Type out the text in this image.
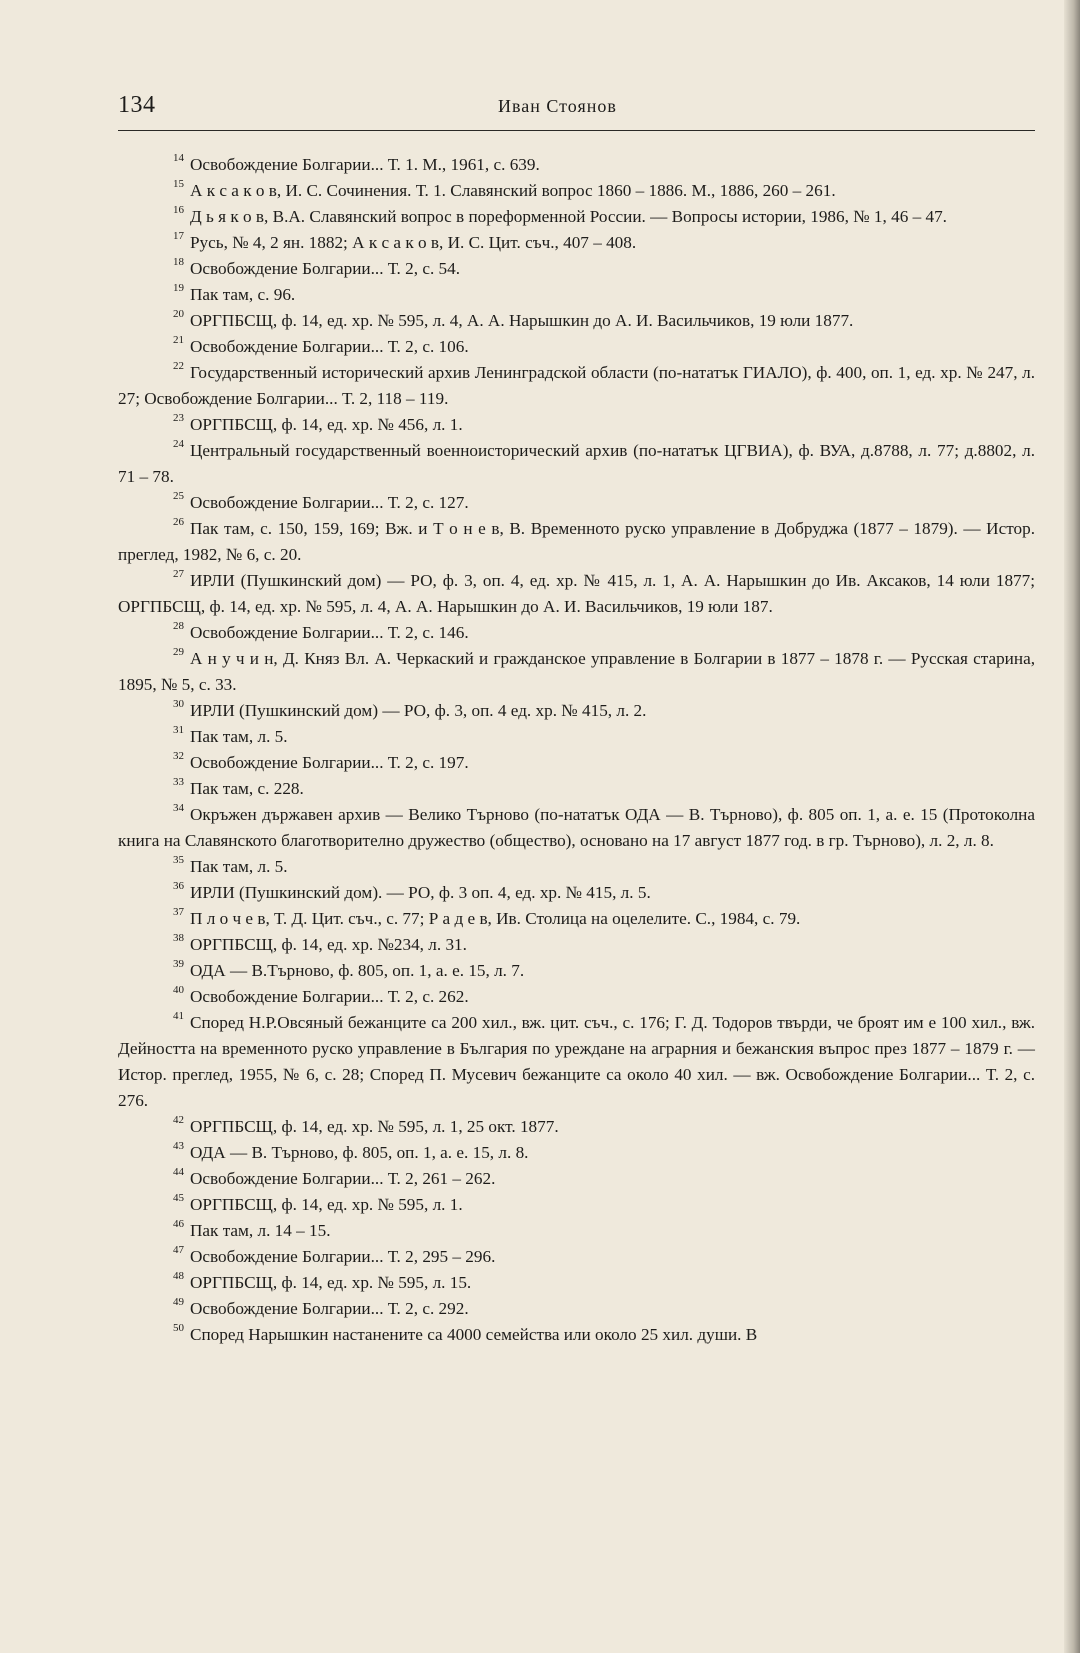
134	Иван Стоянов

$^{14}$ Освобождение Болгарии... Т. 1. М., 1961, с. 639.

$^{15}$ А к с а к о в, И. С. Сочинения. Т. 1. Славянский вопрос 1860 – 1886. М., 1886, 260 – 261.

$^{16}$ Д ь я к о в, В.А. Славянский вопрос в пореформенной России. — Вопросы истории, 1986, № 1, 46 – 47.

$^{17}$ Русь, № 4, 2 ян. 1882; А к с а к о в, И. С. Цит. съч., 407 – 408.

$^{18}$ Освобождение Болгарии... Т. 2, с. 54.

$^{19}$ Пак там, с. 96.

$^{20}$ ОРГПБСЩ, ф. 14, ед. хр. № 595, л. 4, А. А. Нарышкин до А. И. Васильчиков, 19 юли 1877.

$^{21}$ Освобождение Болгарии... Т. 2, с. 106.

$^{22}$ Государственный исторический архив Ленинградской области (по-нататък ГИАЛО), ф. 400, оп. 1, ед. хр. № 247, л. 27; Освобождение Болгарии... Т. 2, 118 – 119.

$^{23}$ ОРГПБСЩ, ф. 14, ед. хр. № 456, л. 1.

$^{24}$ Центральный государственный военноисторический архив (по-нататък ЦГВИА), ф. ВУА, д.8788, л. 77; д.8802, л. 71 – 78.

$^{25}$ Освобождение Болгарии... Т. 2, с. 127.

$^{26}$ Пак там, с. 150, 159, 169; Вж. и Т о н е в, В. Временното руско управление в Добруджа (1877 – 1879). — Истор. преглед, 1982, № 6, с. 20.

$^{27}$ ИРЛИ (Пушкинский дом) — РО, ф. 3, оп. 4, ед. хр. № 415, л. 1, А. А. Нарышкин до Ив. Аксаков, 14 юли 1877; ОРГПБСЩ, ф. 14, ед. хр. № 595, л. 4, А. А. Нарышкин до А. И. Васильчиков, 19 юли 187.

$^{28}$ Освобождение Болгарии... Т. 2, с. 146.

$^{29}$ А н у ч и н, Д. Княз Вл. А. Черкаский и гражданское управление в Болгарии в 1877 – 1878 г. — Русская старина, 1895, № 5, с. 33.

$^{30}$ ИРЛИ (Пушкинский дом) — РО, ф. 3, оп. 4 ед. хр. № 415, л. 2.

$^{31}$ Пак там, л. 5.

$^{32}$ Освобождение Болгарии... Т. 2, с. 197.

$^{33}$ Пак там, с. 228.

$^{34}$ Окръжен държавен архив — Велико Търново (по-нататък ОДА — В. Търново), ф. 805 оп. 1, а. е. 15 (Протоколна книга на Славянското благотворително дружество (общество), основано на 17 август 1877 год. в гр. Търново), л. 2, л. 8.

$^{35}$ Пак там, л. 5.

$^{36}$ ИРЛИ (Пушкинский дом). — РО, ф. 3 оп. 4, ед. хр. № 415, л. 5.

$^{37}$ П л о ч е в, Т. Д. Цит. съч., с. 77; Р а д е в, Ив. Столица на оцелелите. С., 1984, с. 79.

$^{38}$ ОРГПБСЩ, ф. 14, ед. хр. №234, л. 31.

$^{39}$ ОДА — В.Търново, ф. 805, оп. 1, а. е. 15, л. 7.

$^{40}$ Освобождение Болгарии... Т. 2, с. 262.

$^{41}$ Според Н.Р.Овсяный бежанците са 200 хил., вж. цит. съч., с. 176; Г. Д. Тодоров твърди, че броят им е 100 хил., вж. Дейността на временното руско управление в България по уреждане на аграрния и бежанския въпрос през 1877 – 1879 г. — Истор. преглед, 1955, № 6, с. 28; Според П. Мусевич бежанците са около 40 хил. — вж. Освобождение Болгарии... Т. 2, с. 276.

$^{42}$ ОРГПБСЩ, ф. 14, ед. хр. № 595, л. 1, 25 окт. 1877.

$^{43}$ ОДА — В. Търново, ф. 805, оп. 1, а. е. 15, л. 8.

$^{44}$ Освобождение Болгарии... Т. 2, 261 – 262.

$^{45}$ ОРГПБСЩ, ф. 14, ед. хр. № 595, л. 1.

$^{46}$ Пак там, л. 14 – 15.

$^{47}$ Освобождение Болгарии... Т. 2, 295 – 296.

$^{48}$ ОРГПБСЩ, ф. 14, ед. хр. № 595, л. 15.

$^{49}$ Освобождение Болгарии... Т. 2, с. 292.

$^{50}$ Според Нарышкин настанените са 4000 семейства или около 25 хил. души. В
